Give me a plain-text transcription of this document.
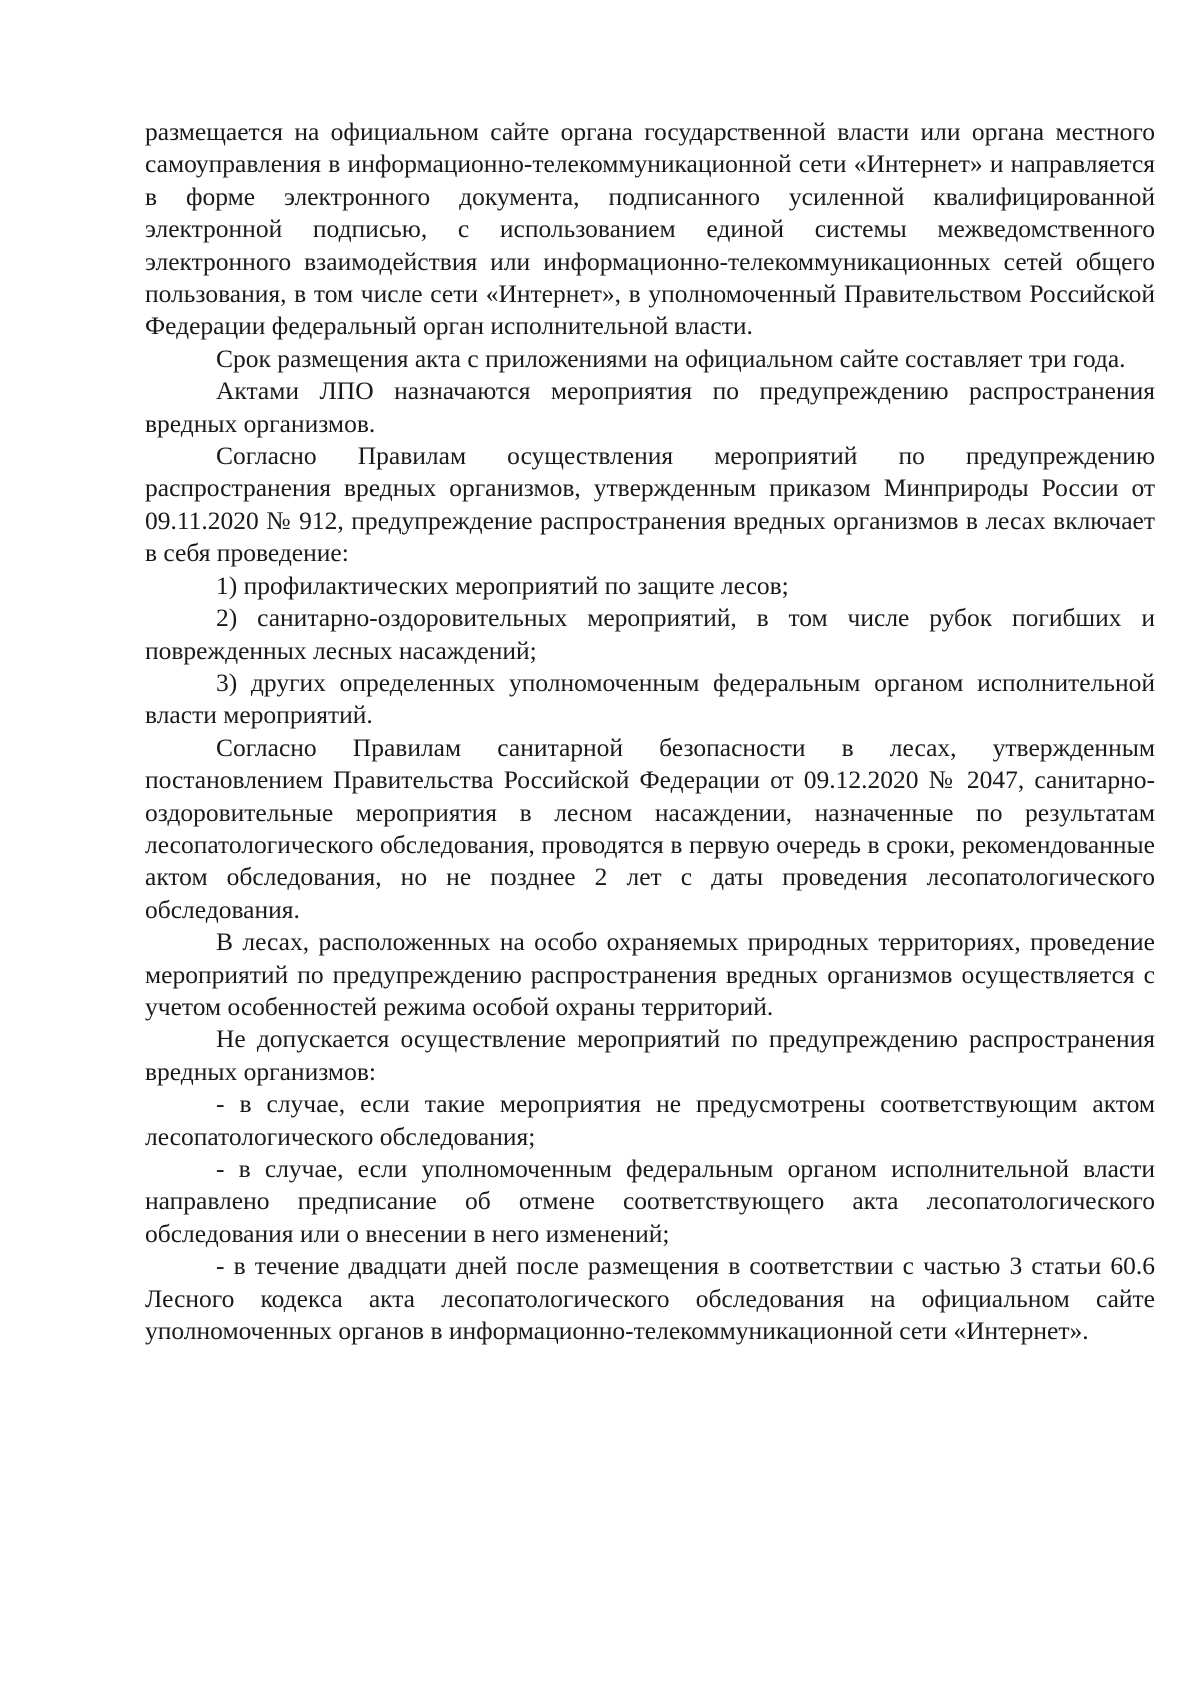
размещается на официальном сайте органа государственной власти или органа местного самоуправления в информационно-телекоммуникационной сети «Интернет» и направляется в форме электронного документа, подписанного усиленной квалифицированной электронной подписью, с использованием единой системы межведомственного электронного взаимодействия или информационно-телекоммуникационных сетей общего пользования, в том числе сети «Интернет», в уполномоченный Правительством Российской Федерации федеральный орган исполнительной власти.

Срок размещения акта с приложениями на официальном сайте составляет три года.

Актами ЛПО назначаются мероприятия по предупреждению распространения вредных организмов.

Согласно Правилам осуществления мероприятий по предупреждению распространения вредных организмов, утвержденным приказом Минприроды России от 09.11.2020 № 912, предупреждение распространения вредных организмов в лесах включает в себя проведение:

1) профилактических мероприятий по защите лесов;

2) санитарно-оздоровительных мероприятий, в том числе рубок погибших и поврежденных лесных насаждений;

3) других определенных уполномоченным федеральным органом исполнительной власти мероприятий.

Согласно Правилам санитарной безопасности в лесах, утвержденным постановлением Правительства Российской Федерации от 09.12.2020 № 2047, санитарно-оздоровительные мероприятия в лесном насаждении, назначенные по результатам лесопатологического обследования, проводятся в первую очередь в сроки, рекомендованные актом обследования, но не позднее 2 лет с даты проведения лесопатологического обследования.

В лесах, расположенных на особо охраняемых природных территориях, проведение мероприятий по предупреждению распространения вредных организмов осуществляется с учетом особенностей режима особой охраны территорий.

Не допускается осуществление мероприятий по предупреждению распространения вредных организмов:

- в случае, если такие мероприятия не предусмотрены соответствующим актом лесопатологического обследования;

- в случае, если уполномоченным федеральным органом исполнительной власти направлено предписание об отмене соответствующего акта лесопатологического обследования или о внесении в него изменений;

- в течение двадцати дней после размещения в соответствии с частью 3 статьи 60.6 Лесного кодекса акта лесопатологического обследования на официальном сайте уполномоченных органов в информационно-телекоммуникационной сети «Интернет».
